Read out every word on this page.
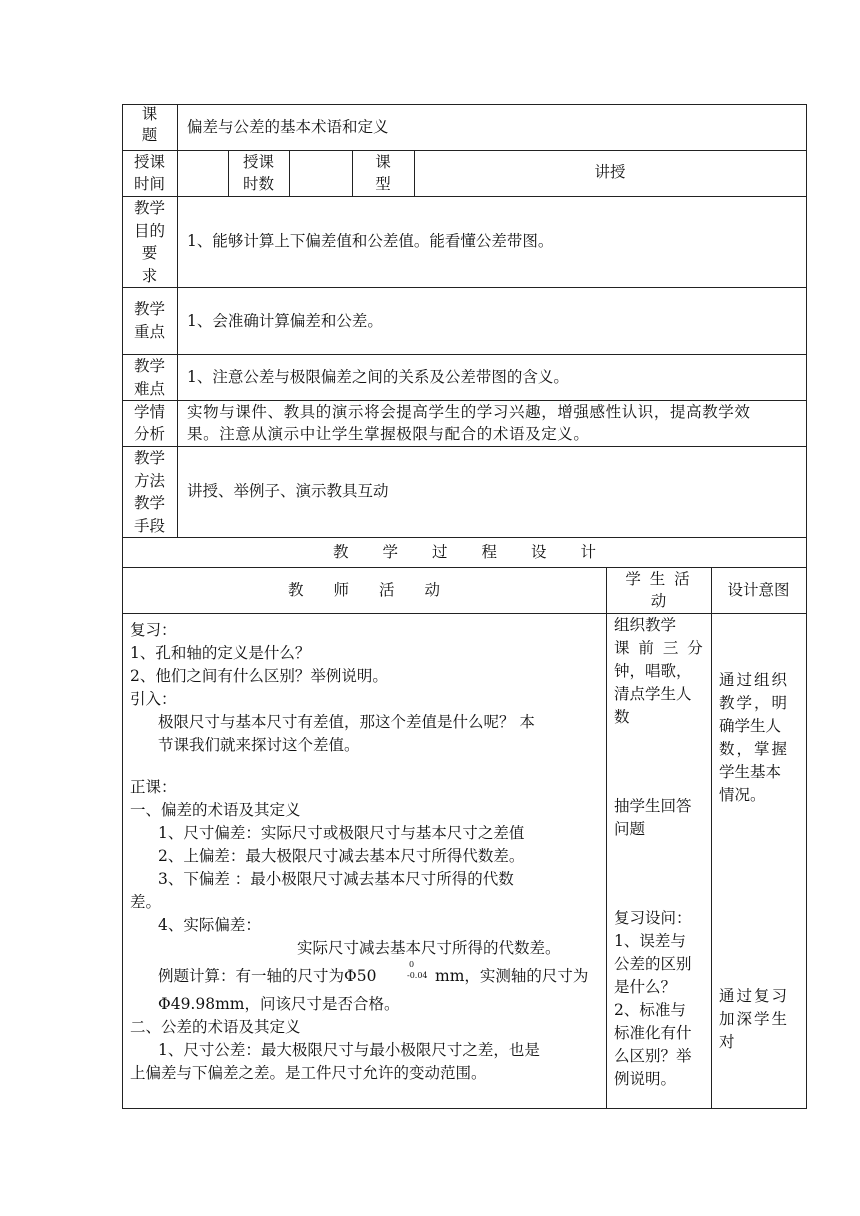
课
题	偏差与公差的基本术语和定义
授课
时间
授课
时数
课
型
讲授
教学
目的
要
求
1、能够计算上下偏差值和公差值。能看懂公差带图。
教学
重点
1、会准确计算偏差和公差。
教学
难点
1、注意公差与极限偏差之间的关系及公差带图的含义。
学情
分析
实物与课件、教具的演示将会提高学生的学习兴趣，增强感性认识，提高教学效
果。注意从演示中让学生掌握极限与配合的术语及定义。
教学
方法
教学
手段
讲授、举例子、演示教具互动
教学过程设计
教师活动
学 生 活
动
设计意图
复习：
1、孔和轴的定义是什么？
2、他们之间有什么区别？举例说明。
引入：
极限尺寸与基本尺寸有差值，那这个差值是什么呢？ 本
节课我们就来探讨这个差值。
正课：
一、偏差的术语及其定义
1、尺寸偏差：实际尺寸或极限尺寸与基本尺寸之差值
2、上偏差：最大极限尺寸减去基本尺寸所得代数差。
3、下偏差 ：最小极限尺寸减去基本尺寸所得的代数
差。
4、实际偏差：
实际尺寸减去基本尺寸所得的代数差。
例题计算：有一轴的尺寸为Φ50
0
-0.04 mm，实测轴的尺寸为
Φ49.98mm，问该尺寸是否合格。
二、公差的术语及其定义
1、尺寸公差：最大极限尺寸与最小极限尺寸之差，也是
上偏差与下偏差之差。是工件尺寸允许的变动范围。
组织教学
课 前 三 分
钟，唱歌，
清点学生人
数
抽学生回答
问题
复习设问：
1、误差与
公差的区别
是什么？
2、标准与
标准化有什
么区别？举
例说明。
通过组织
教学，明
确学生人
数，掌握
学生基本
情况。
通过复习
加深学生
对
